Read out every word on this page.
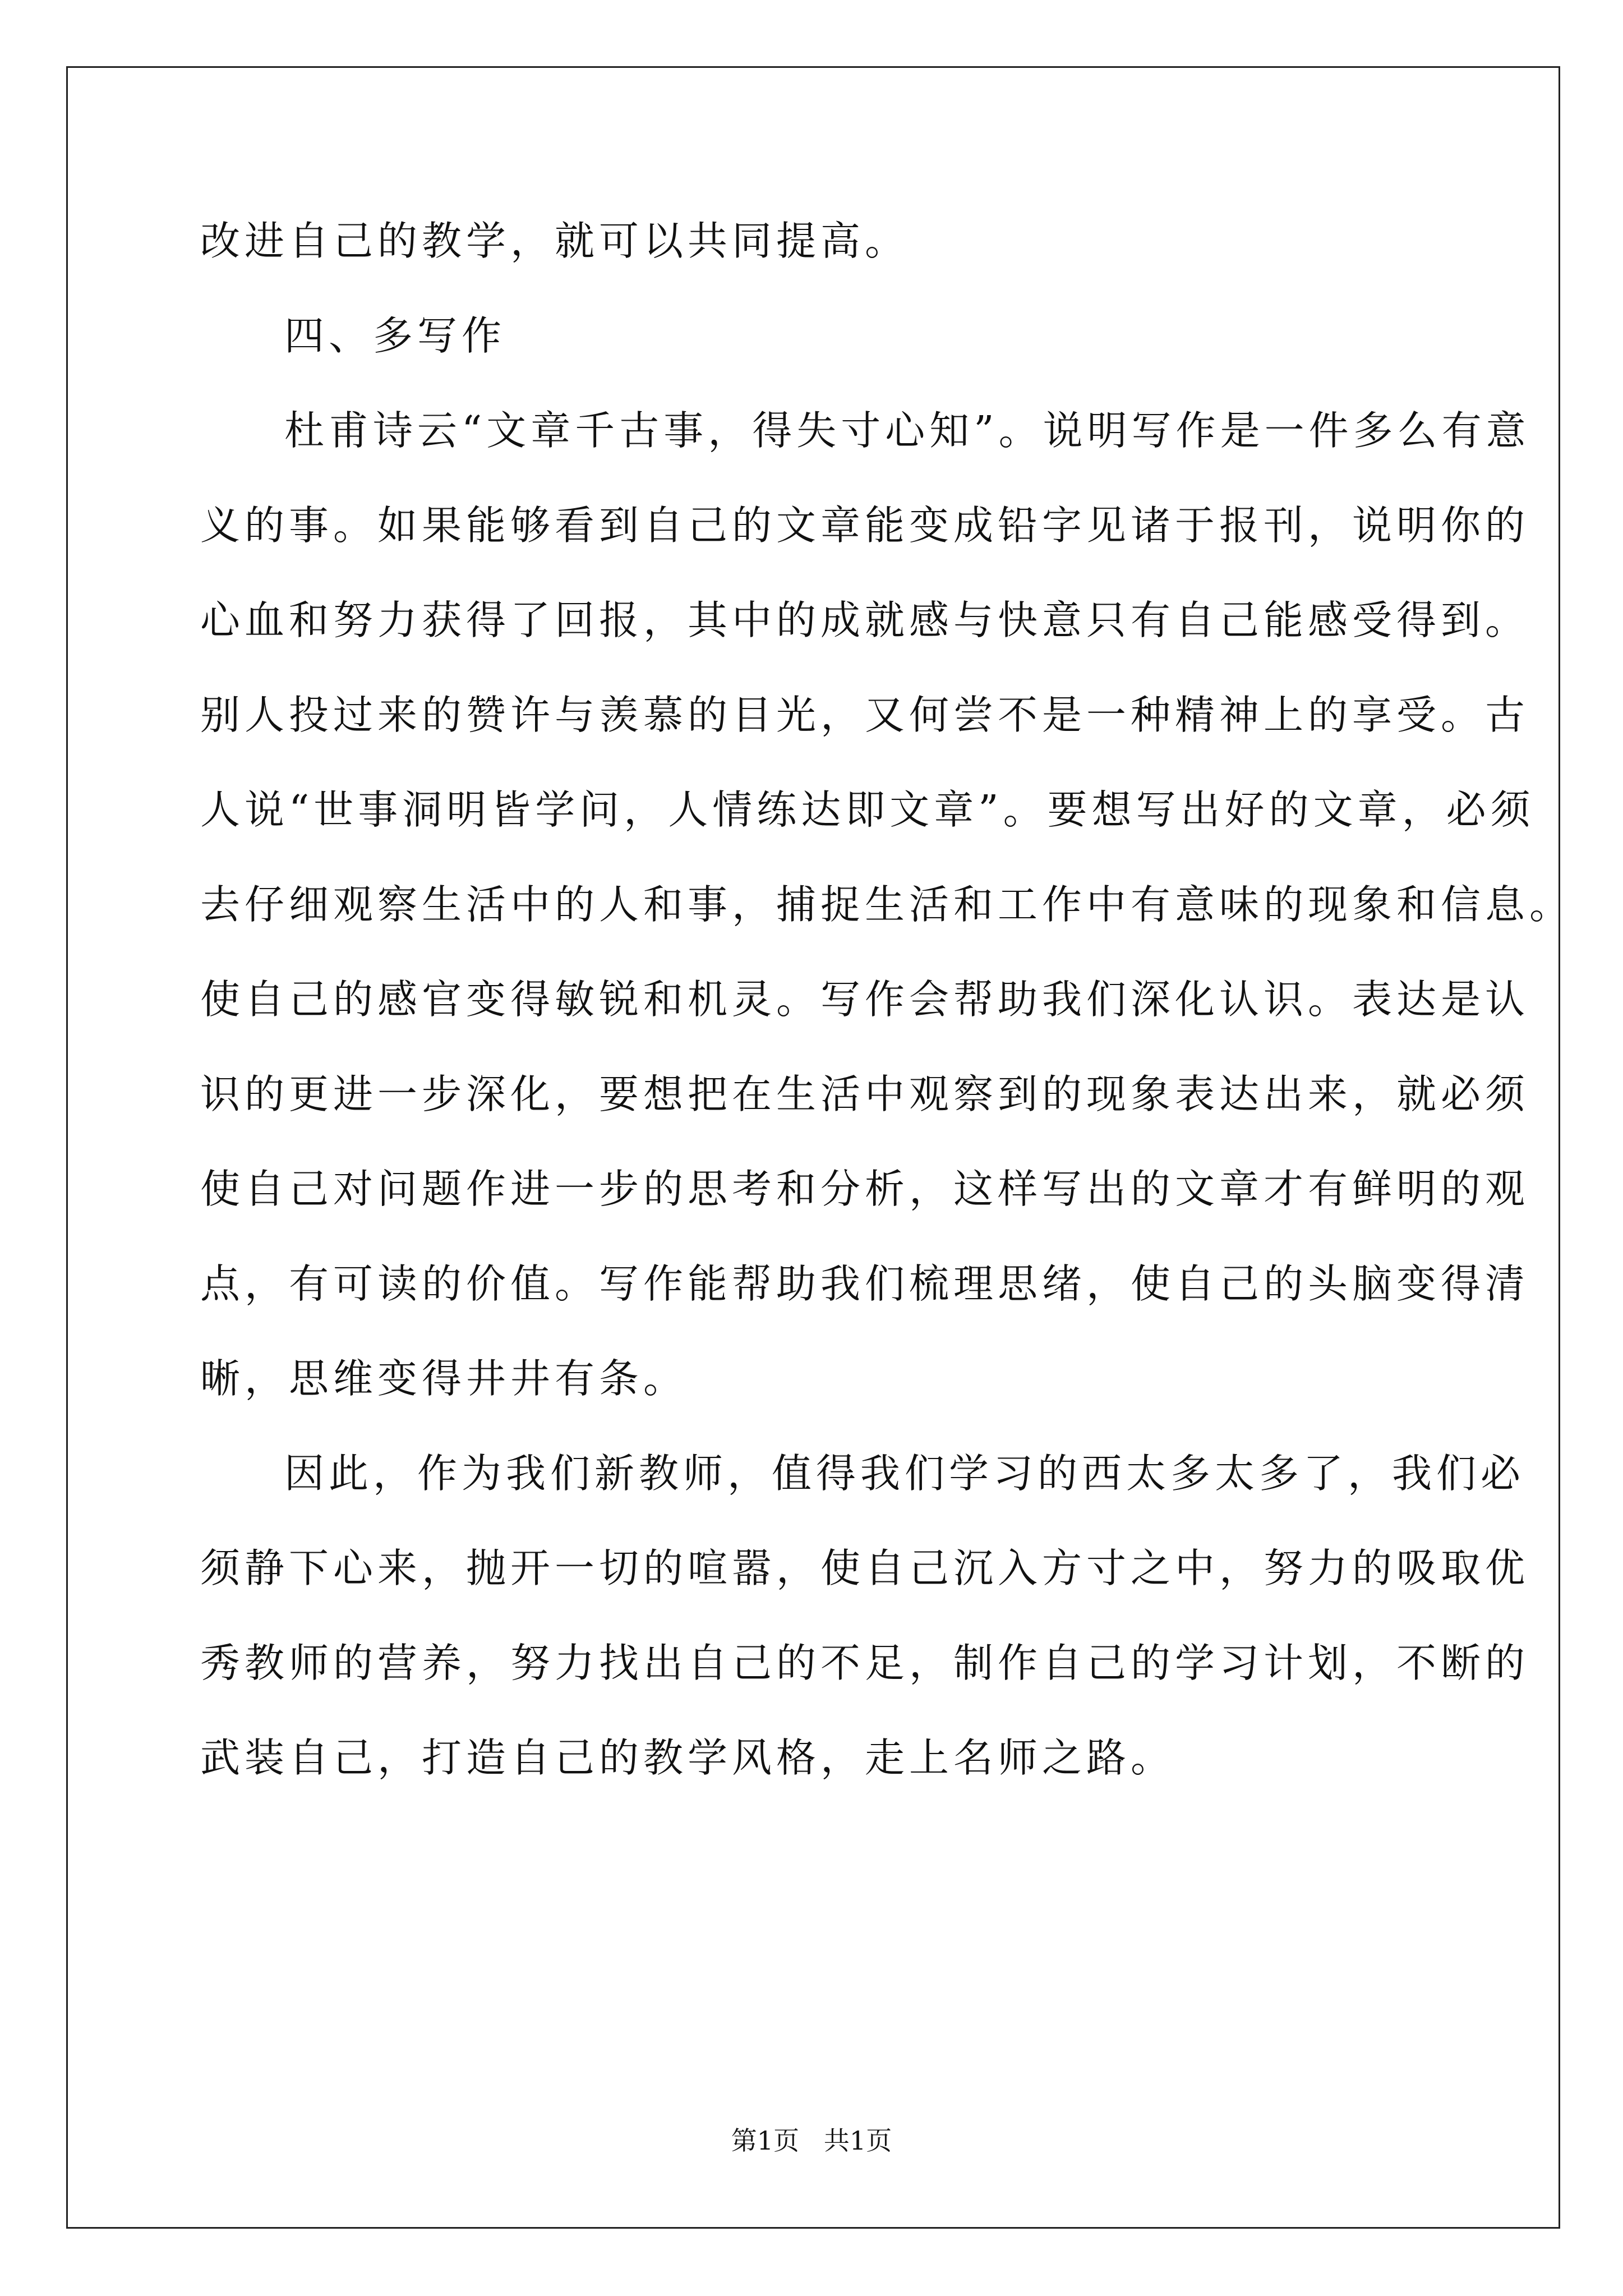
改进自己的教学，就可以共同提高。
四、多写作
杜甫诗云“文章千古事，得失寸心知”。说明写作是一件多么有意
义的事。如果能够看到自己的文章能变成铅字见诸于报刊，说明你的
心血和努力获得了回报，其中的成就感与快意只有自己能感受得到。
别人投过来的赞许与羡慕的目光，又何尝不是一种精神上的享受。古
人说“世事洞明皆学问，人情练达即文章”。要想写出好的文章，必须
去仔细观察生活中的人和事，捕捉生活和工作中有意味的现象和信息。
使自己的感官变得敏锐和机灵。写作会帮助我们深化认识。表达是认
识的更进一步深化，要想把在生活中观察到的现象表达出来，就必须
使自己对问题作进一步的思考和分析，这样写出的文章才有鲜明的观
点，有可读的价值。写作能帮助我们梳理思绪，使自己的头脑变得清
晰，思维变得井井有条。
因此，作为我们新教师，值得我们学习的西太多太多了，我们必
须静下心来，抛开一切的喧嚣，使自己沉入方寸之中，努力的吸取优
秀教师的营养，努力找出自己的不足，制作自己的学习计划，不断的
武装自己，打造自己的教学风格，走上名师之路。
第1页   共1页
